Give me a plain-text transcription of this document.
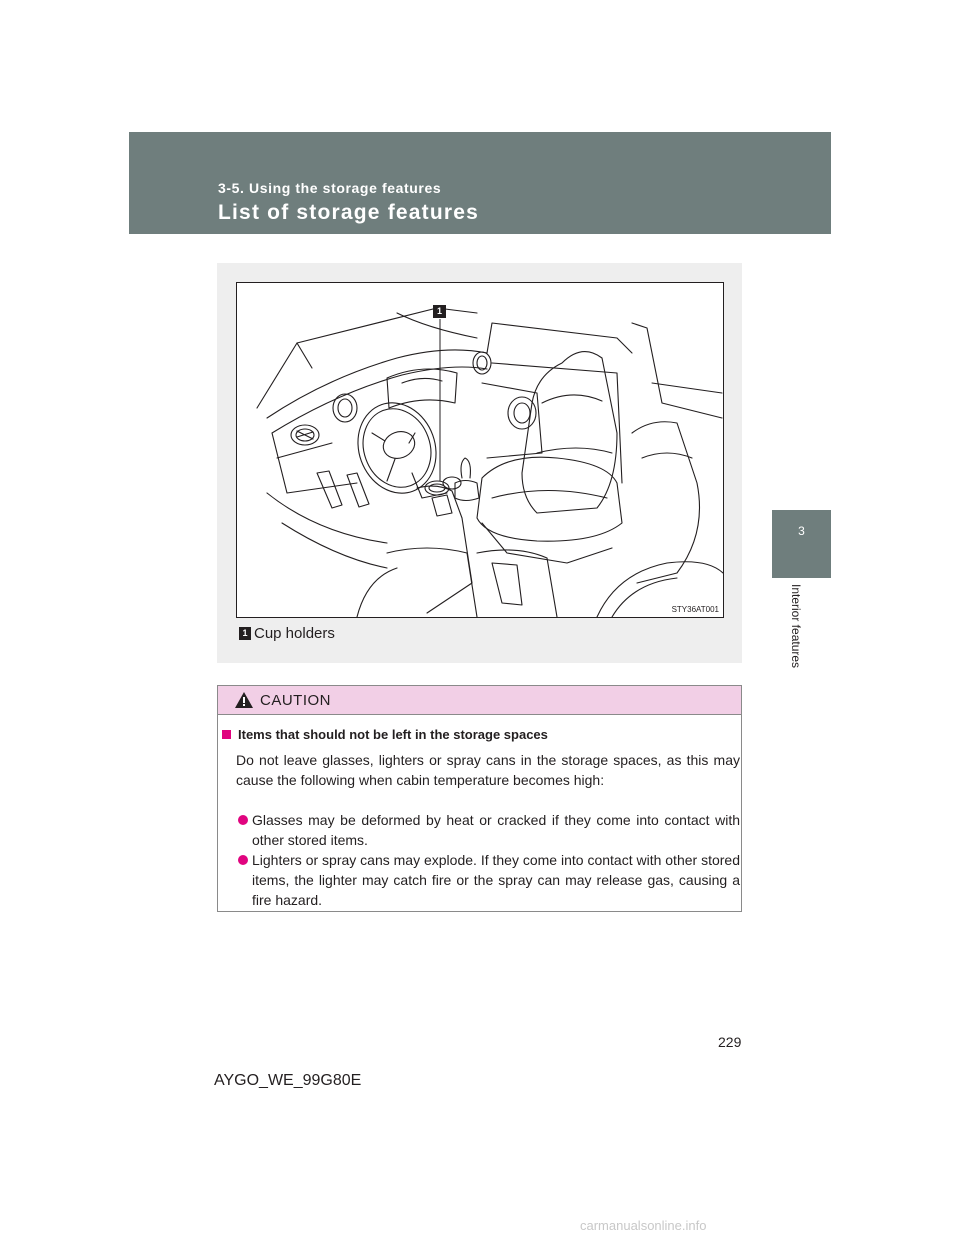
3-5. Using the storage features
List of storage features
3
Interior features
STY36AT001
1
1 Cup holders
CAUTION
Items that should not be left in the storage spaces
Do not leave glasses, lighters or spray cans in the storage spaces, as this may cause the following when cabin temperature becomes high:
Glasses may be deformed by heat or cracked if they come into contact with other stored items.
Lighters or spray cans may explode. If they come into contact with other stored items, the lighter may catch fire or the spray can may release gas, causing a fire hazard.
229
AYGO_WE_99G80E
carmanualsonline.info
